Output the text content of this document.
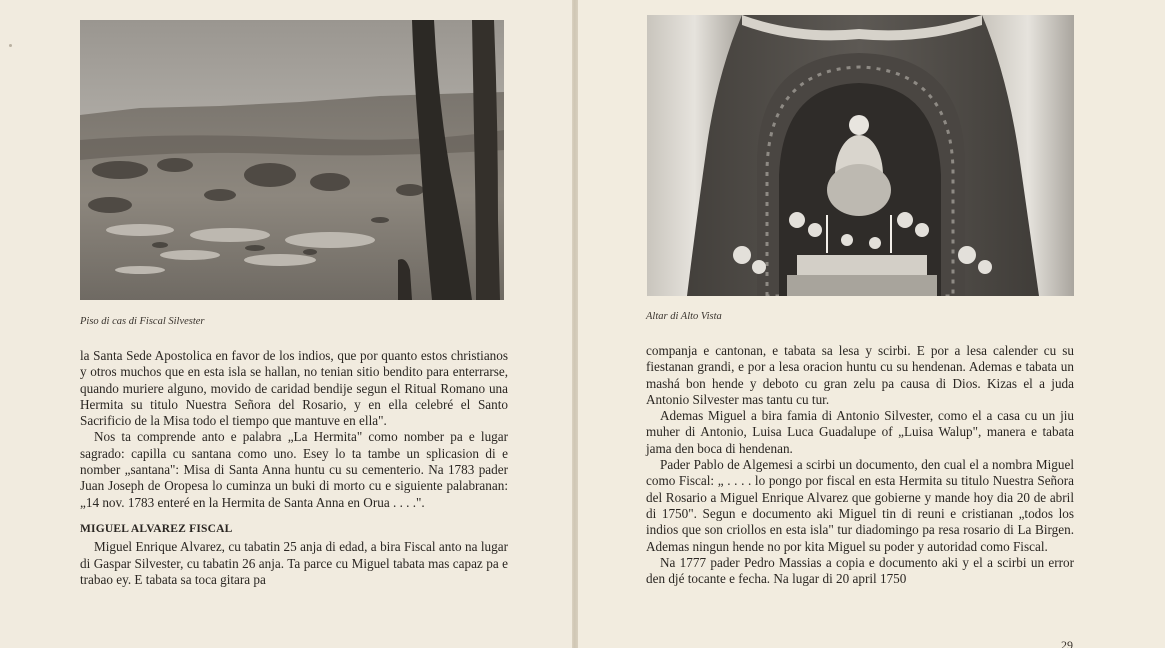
Piso di cas di Fiscal Silvester

la Santa Sede Apostolica en favor de los indios, que por quanto estos christianos y otros muchos que en esta isla se hallan, no tenian sitio bendito para enterrarse, quando muriere alguno, movido de caridad bendije segun el Ritual Romano una Hermita su titulo Nuestra Señora del Rosario, y en ella celebré el Santo Sacrificio de la Misa todo el tiempo que mantuve en ella".

Nos ta comprende anto e palabra „La Hermita" como nomber pa e lugar sagrado: capilla cu santana como uno. Esey lo ta tambe un splicasion di e nomber „santana": Misa di Santa Anna huntu cu su cementerio. Na 1783 pader Juan Joseph de Oropesa lo cuminza un buki di morto cu e siguiente palabranan: „14 nov. 1783 enteré en la Hermita de Santa Anna en Orua . . . .".

MIGUEL ALVAREZ FISCAL

Miguel Enrique Alvarez, cu tabatin 25 anja di edad, a bira Fiscal anto na lugar di Gaspar Silvester, cu tabatin 26 anja. Ta parce cu Miguel tabata mas capaz pa e trabao ey. E tabata sa toca gitara pa

Altar di Alto Vista

companja e cantonan, e tabata sa lesa y scirbi. E por a lesa calender cu su fiestanan grandi, e por a lesa oracion huntu cu su hendenan. Ademas e tabata un mashá bon hende y deboto cu gran zelu pa causa di Dios. Kizas el a juda Antonio Silvester mas tantu cu tur.

Ademas Miguel a bira famia di Antonio Silvester, como el a casa cu un jiu muher di Antonio, Luisa Luca Guadalupe of „Luisa Walup", manera e tabata jama den boca di hendenan.

Pader Pablo de Algemesi a scirbi un documento, den cual el a nombra Miguel como Fiscal: „ . . . . lo pongo por fiscal en esta Hermita su titulo Nuestra Señora del Rosario a Miguel Enrique Alvarez que gobierne y mande hoy dia 20 de abril di 1750". Segun e documento aki Miguel tin di reuni e cristianan „todos los indios que son criollos en esta isla" tur diadomingo pa resa rosario di La Birgen. Ademas ningun hende no por kita Miguel su poder y autoridad como Fiscal.

Na 1777 pader Pedro Massias a copia e documento aki y el a scirbi un error den djé tocante e fecha. Na lugar di 20 april 1750

29
